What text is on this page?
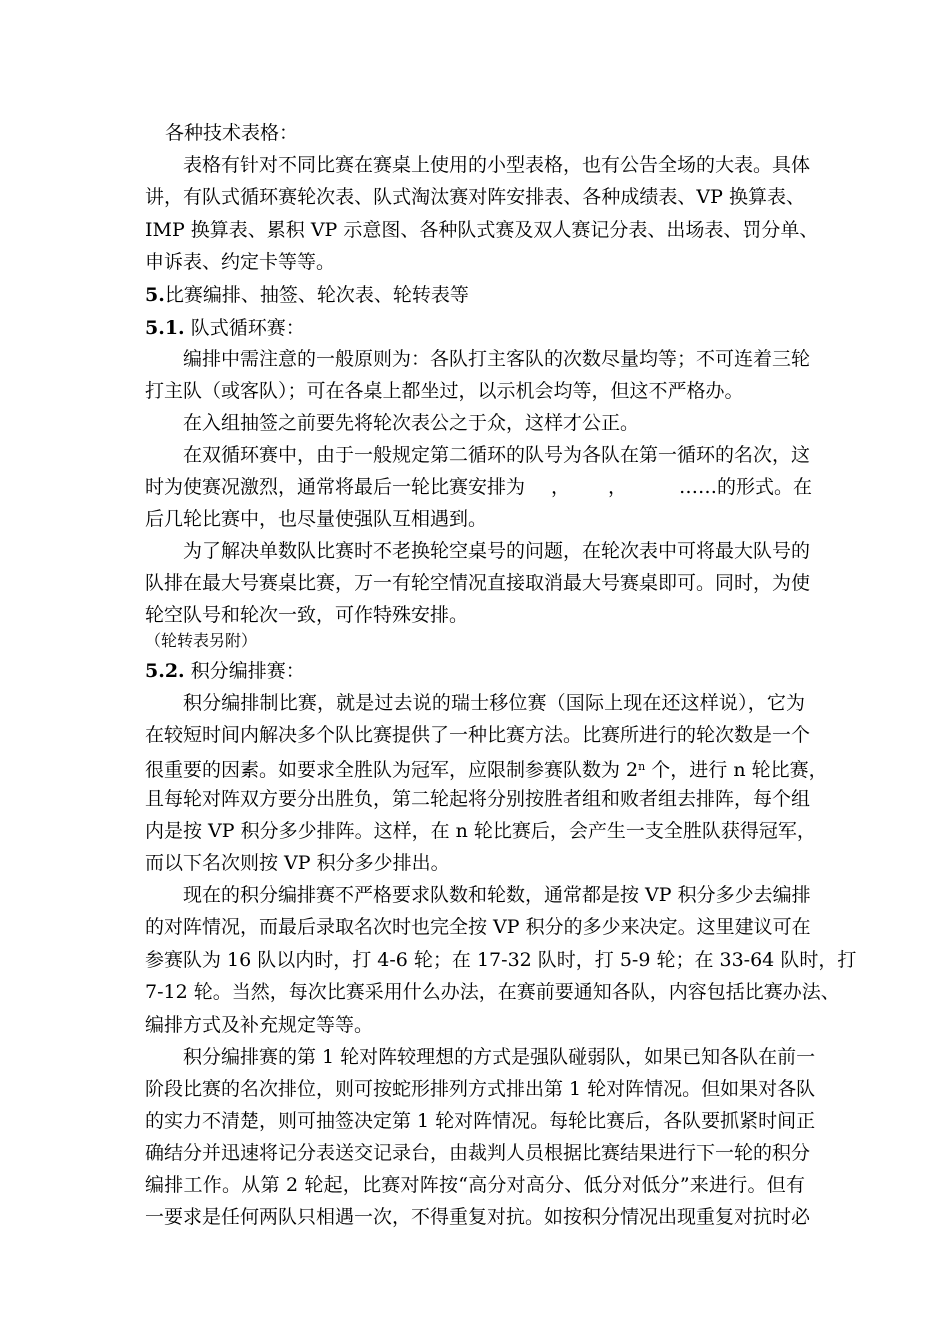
各种技术表格：
表格有针对不同比赛在赛桌上使用的小型表格，也有公告全场的大表。具体
讲，有队式循环赛轮次表、队式淘汰赛对阵安排表、各种成绩表、VP 换算表、
IMP 换算表、累积 VP 示意图、各种队式赛及双人赛记分表、出场表、罚分单、
申诉表、约定卡等等。
5.比赛编排、抽签、轮次表、轮转表等
5.1. 队式循环赛：
编排中需注意的一般原则为：各队打主客队的次数尽量均等；不可连着三轮
打主队（或客队）；可在各桌上都坐过，以示机会均等，但这不严格办。
在入组抽签之前要先将轮次表公之于众，这样才公正。
在双循环赛中，由于一般规定第二循环的队号为各队在第一循环的名次，这
时为使赛况激烈，通常将最后一轮比赛安排为 ， ，	……的形式。在
后几轮比赛中，也尽量使强队互相遇到。
为了解决单数队比赛时不老换轮空桌号的问题，在轮次表中可将最大队号的
队排在最大号赛桌比赛，万一有轮空情况直接取消最大号赛桌即可。同时，为使
轮空队号和轮次一致，可作特殊安排。
（轮转表另附）
5.2. 积分编排赛：
积分编排制比赛，就是过去说的瑞士移位赛（国际上现在还这样说），它为
在较短时间内解决多个队比赛提供了一种比赛方法。比赛所进行的轮次数是一个
很重要的因素。如要求全胜队为冠军，应限制参赛队数为 2$^n$ 个，进行 n 轮比赛，
且每轮对阵双方要分出胜负，第二轮起将分别按胜者组和败者组去排阵，每个组
内是按 VP 积分多少排阵。这样，在 n 轮比赛后，会产生一支全胜队获得冠军，
而以下名次则按 VP 积分多少排出。
现在的积分编排赛不严格要求队数和轮数，通常都是按 VP 积分多少去编排
的对阵情况，而最后录取名次时也完全按 VP 积分的多少来决定。这里建议可在
参赛队为 16 队以内时，打 4-6 轮；在 17-32 队时，打 5-9 轮；在 33-64 队时，打
7-12 轮。当然，每次比赛采用什么办法，在赛前要通知各队，内容包括比赛办法、
编排方式及补充规定等等。
积分编排赛的第 1 轮对阵较理想的方式是强队碰弱队，如果已知各队在前一
阶段比赛的名次排位，则可按蛇形排列方式排出第 1 轮对阵情况。但如果对各队
的实力不清楚，则可抽签决定第 1 轮对阵情况。每轮比赛后，各队要抓紧时间正
确结分并迅速将记分表送交记录台，由裁判人员根据比赛结果进行下一轮的积分
编排工作。从第 2 轮起，比赛对阵按“高分对高分、低分对低分”来进行。但有
一要求是任何两队只相遇一次，不得重复对抗。如按积分情况出现重复对抗时必
